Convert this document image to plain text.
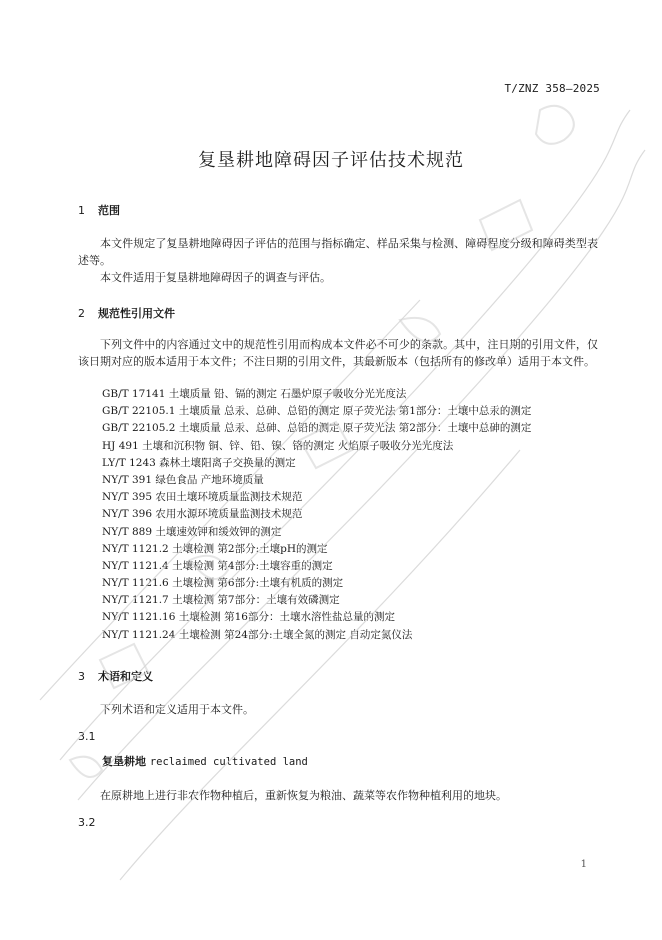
T/ZNZ 358—2025
复垦耕地障碍因子评估技术规范
1 范围
本文件规定了复垦耕地障碍因子评估的范围与指标确定、样品采集与检测、障碍程度分级和障碍类型表述等。
本文件适用于复垦耕地障碍因子的调查与评估。
2 规范性引用文件
下列文件中的内容通过文中的规范性引用而构成本文件必不可少的条款。其中，注日期的引用文件，仅该日期对应的版本适用于本文件；不注日期的引用文件，其最新版本（包括所有的修改单）适用于本文件。
GB/T 17141 土壤质量 铅、镉的测定 石墨炉原子吸收分光光度法
GB/T 22105.1 土壤质量 总汞、总砷、总铅的测定 原子荧光法 第1部分：土壤中总汞的测定
GB/T 22105.2 土壤质量 总汞、总砷、总铅的测定 原子荧光法 第2部分：土壤中总砷的测定
HJ 491 土壤和沉积物 铜、锌、铅、镍、铬的测定 火焰原子吸收分光光度法
LY/T 1243 森林土壤阳离子交换量的测定
NY/T 391 绿色食品 产地环境质量
NY/T 395 农田土壤环境质量监测技术规范
NY/T 396 农用水源环境质量监测技术规范
NY/T 889 土壤速效钾和缓效钾的测定
NY/T 1121.2 土壤检测 第2部分:土壤pH的测定
NY/T 1121.4 土壤检测 第4部分:土壤容重的测定
NY/T 1121.6 土壤检测 第6部分:土壤有机质的测定
NY/T 1121.7 土壤检测 第7部分：土壤有效磷测定
NY/T 1121.16 土壤检测 第16部分：土壤水溶性盐总量的测定
NY/T 1121.24 土壤检测 第24部分:土壤全氮的测定 自动定氮仪法
3 术语和定义
下列术语和定义适用于本文件。
3.1
复垦耕地 reclaimed cultivated land
在原耕地上进行非农作物种植后，重新恢复为粮油、蔬菜等农作物种植利用的地块。
3.2
1
